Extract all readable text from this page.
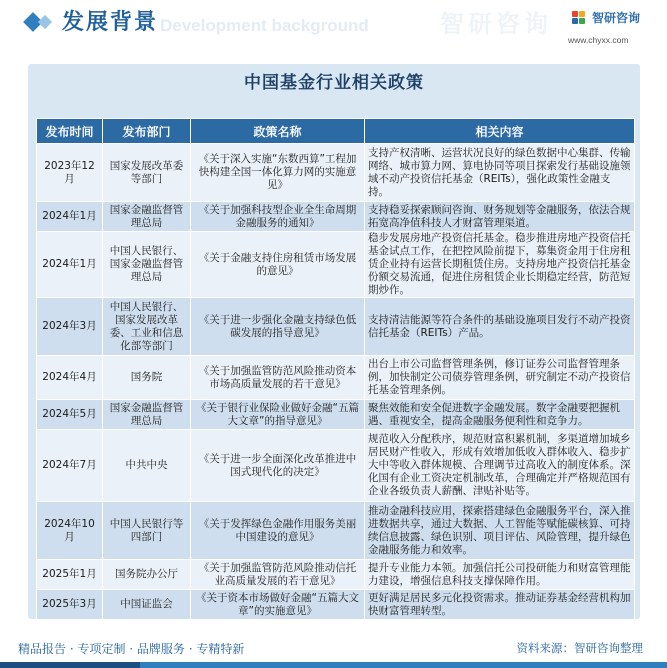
Development background	智研咨询
发展背景	智研咨询
www.chyxx.com
中国基金行业相关政策
发布时间	发布部门	政策名称	相关内容
2023年12月	国家发展改革委等部门	《关于深入实施“东数西算”工程加快构建全国一体化算力网的实施意见》	支持产权清晰、运营状况良好的绿色数据中心集群、传输网络、城市算力网、算电协同等项目探索发行基础设施领域不动产投资信托基金（REITs），强化政策性金融支持。
2024年1月	国家金融监督管理总局	《关于加强科技型企业全生命周期金融服务的通知》	支持稳妥探索顾问咨询、财务规划等金融服务，依法合规拓宽高净值科技人才财富管理渠道。
2024年1月	中国人民银行、国家金融监督管理总局	《关于金融支持住房租赁市场发展的意见》	稳步发展房地产投资信托基金。稳步推进房地产投资信托基金试点工作，在把控风险前提下，募集资金用于住房租赁企业持有运营长期租赁住房。支持房地产投资信托基金份额交易流通，促进住房租赁企业长期稳定经营，防范短期炒作。
2024年3月	中国人民银行、国家发展改革委、工业和信息化部等部门	《关于进一步强化金融支持绿色低碳发展的指导意见》	支持清洁能源等符合条件的基础设施项目发行不动产投资信托基金（REITs）产品。
2024年4月	国务院	《关于加强监管防范风险推动资本市场高质量发展的若干意见》	出台上市公司监督管理条例，修订证券公司监督管理条例，加快制定公司债券管理条例，研究制定不动产投资信托基金管理条例。
2024年5月	国家金融监督管理总局	《关于银行业保险业做好金融“五篇大文章”的指导意见》	聚焦效能和安全促进数字金融发展。数字金融要把握机遇、重视安全，提高金融服务便利性和竞争力。
2024年7月	中共中央	《关于进一步全面深化改革推进中国式现代化的决定》	规范收入分配秩序，规范财富积累机制，多渠道增加城乡居民财产性收入，形成有效增加低收入群体收入、稳步扩大中等收入群体规模、合理调节过高收入的制度体系。深化国有企业工资决定机制改革，合理确定并严格规范国有企业各级负责人薪酬、津贴补贴等。
2024年10月	中国人民银行等四部门	《关于发挥绿色金融作用服务美丽中国建设的意见》	推动金融科技应用，探索搭建绿色金融服务平台，深入推进数据共享，通过大数据、人工智能等赋能碳核算、可持续信息披露、绿色识别、项目评估、风险管理，提升绿色金融服务能力和效率。
2025年1月	国务院办公厅	《关于加强监管防范风险推动信托业高质量发展的若干意见》	提升专业能力本领。加强信托公司投研能力和财富管理能力建设，增强信息科技支撑保障作用。
2025年3月	中国证监会	《关于资本市场做好金融“五篇大文章”的实施意见》	更好满足居民多元化投资需求。推动证券基金经营机构加快财富管理转型。
精品报告 · 专项定制 · 品牌服务 · 专精特新	资料来源：智研咨询整理
